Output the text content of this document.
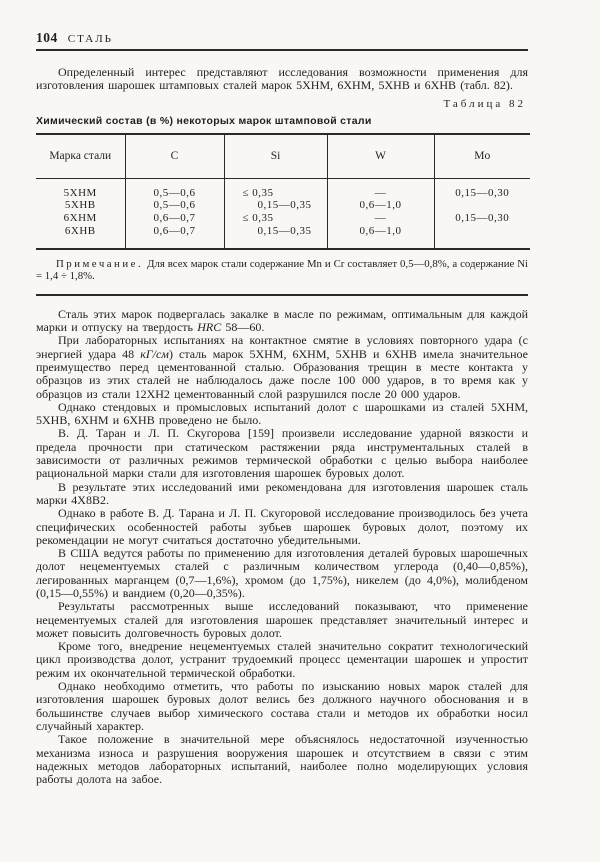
104 СТАЛЬ

Определенный интерес представляют исследования возможности применения для изготовления шарошек штамповых сталей марок 5ХНМ, 6ХНМ, 5ХНВ и 6ХНВ (табл. 82).

Таблица 82
Химический состав (в %) некоторых марок штамповой стали
Марка стали	C	Si	W	Mo
5ХНМ	0,5—0,6	≤ 0,35	—	0,15—0,30
5ХНВ	0,5—0,6	0,15—0,35	0,6—1,0	
6ХНМ	0,6—0,7	≤ 0,35	—	0,15—0,30
6ХНВ	0,6—0,7	0,15—0,35	0,6—1,0	

Примечание. Для всех марок стали содержание Mn и Cr составляет 0,5—0,8%, а содержание Ni = 1,4 ÷ 1,8%.

Сталь этих марок подвергалась закалке в масле по режимам, оптимальным для каждой марки и отпуску на твердость HRC 58—60.

При лабораторных испытаниях на контактное смятие в условиях повторного удара (с энергией удара 48 кГ/см) сталь марок 5ХНМ, 6ХНМ, 5ХНВ и 6ХНВ имела значительное преимущество перед цементованной сталью. Образования трещин в месте контакта у образцов из этих сталей не наблюдалось даже после 100 000 ударов, в то время как у образцов из стали 12ХН2 цементованный слой разрушился после 20 000 ударов.

Однако стендовых и промысловых испытаний долот с шарошками из сталей 5ХНМ, 5ХНВ, 6ХНМ и 6ХНВ проведено не было.

В. Д. Таран и Л. П. Скугорова [159] произвели исследование ударной вязкости и предела прочности при статическом растяжении ряда инструментальных сталей в зависимости от различных режимов термической обработки с целью выбора наиболее рациональной марки стали для изготовления шарошек буровых долот.

В результате этих исследований ими рекомендована для изготовления шарошек сталь марки 4Х8В2.

Однако в работе В. Д. Тарана и Л. П. Скугоровой исследование производилось без учета специфических особенностей работы зубьев шарошек буровых долот, поэтому их рекомендации не могут считаться достаточно убедительными.

В США ведутся работы по применению для изготовления деталей буровых шарошечных долот нецементуемых сталей с различным количеством углерода (0,40—0,85%), легированных марганцем (0,7—1,6%), хромом (до 1,75%), никелем (до 4,0%), молибденом (0,15—0,55%) и вандием (0,20—0,35%).

Результаты рассмотренных выше исследований показывают, что применение нецементуемых сталей для изготовления шарошек представляет значительный интерес и может повысить долговечность буровых долот.

Кроме того, внедрение нецементуемых сталей значительно сократит технологический цикл производства долот, устранит трудоемкий процесс цементации шарошек и упростит режим их окончательной термической обработки.

Однако необходимо отметить, что работы по изысканию новых марок сталей для изготовления шарошек буровых долот велись без должного научного обоснования и в большинстве случаев выбор химического состава стали и методов их обработки носил случайный характер.

Такое положение в значительной мере объяснялось недостаточной изученностью механизма износа и разрушения вооружения шарошек и отсутствием в связи с этим надежных методов лабораторных испытаний, наиболее полно моделирующих условия работы долота на забое.
